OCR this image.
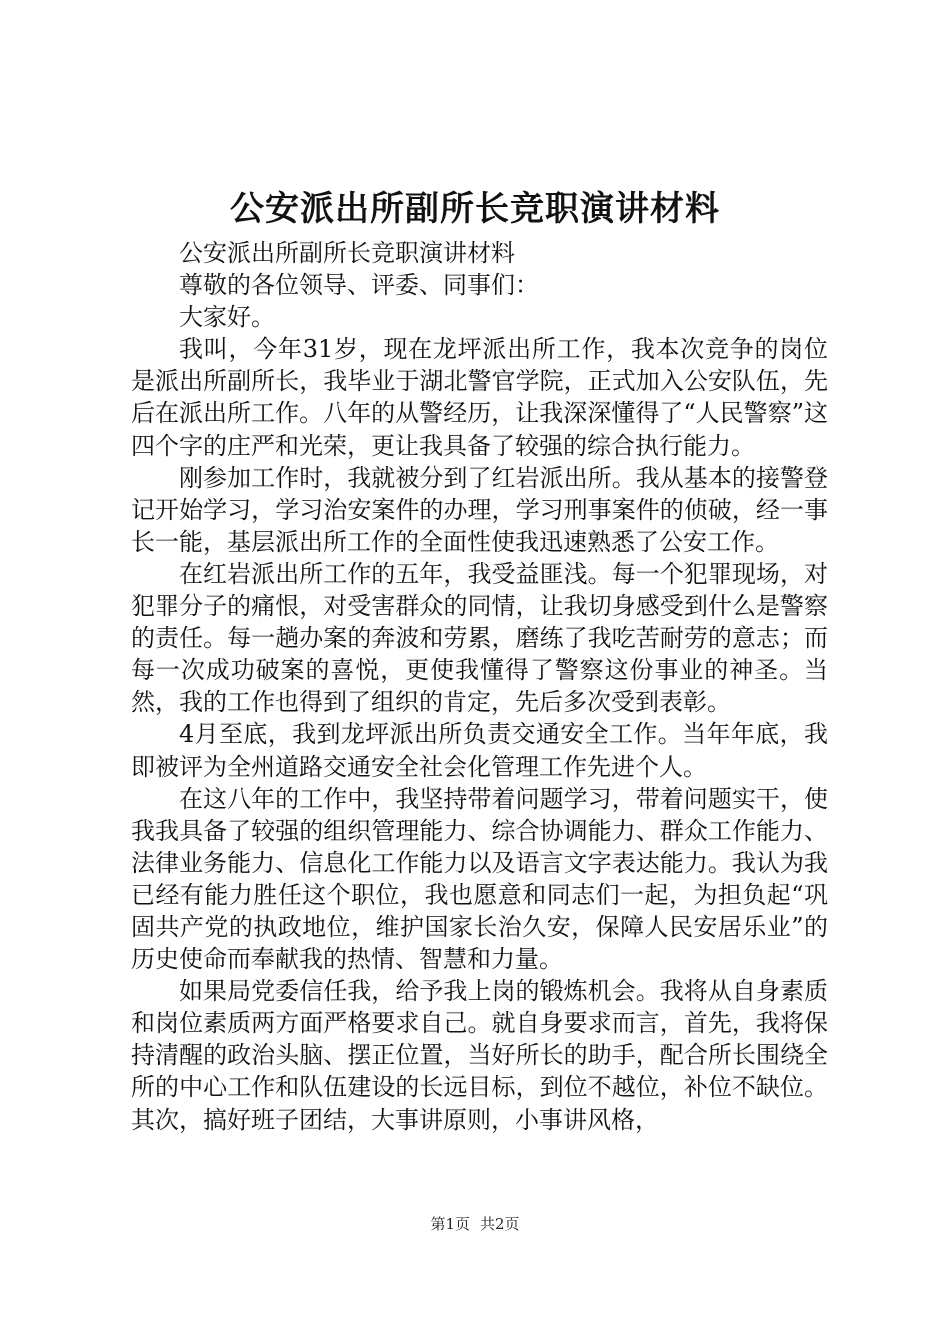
公安派出所副所长竞职演讲材料

公安派出所副所长竞职演讲材料

尊敬的各位领导、评委、同事们：

大家好。

我叫，今年31岁，现在龙坪派出所工作，我本次竞争的岗位是派出所副所长，我毕业于湖北警官学院，正式加入公安队伍，先后在派出所工作。八年的从警经历，让我深深懂得了“人民警察”这四个字的庄严和光荣，更让我具备了较强的综合执行能力。

刚参加工作时，我就被分到了红岩派出所。我从基本的接警登记开始学习，学习治安案件的办理，学习刑事案件的侦破，经一事长一能，基层派出所工作的全面性使我迅速熟悉了公安工作。

在红岩派出所工作的五年，我受益匪浅。每一个犯罪现场，对犯罪分子的痛恨，对受害群众的同情，让我切身感受到什么是警察的责任。每一趟办案的奔波和劳累，磨练了我吃苦耐劳的意志；而每一次成功破案的喜悦，更使我懂得了警察这份事业的神圣。当然，我的工作也得到了组织的肯定，先后多次受到表彰。

4月至底，我到龙坪派出所负责交通安全工作。当年年底，我即被评为全州道路交通安全社会化管理工作先进个人。

在这八年的工作中，我坚持带着问题学习，带着问题实干，使我我具备了较强的组织管理能力、综合协调能力、群众工作能力、法律业务能力、信息化工作能力以及语言文字表达能力。我认为我已经有能力胜任这个职位，我也愿意和同志们一起，为担负起“巩固共产党的执政地位，维护国家长治久安，保障人民安居乐业”的历史使命而奉献我的热情、智慧和力量。

如果局党委信任我，给予我上岗的锻炼机会。我将从自身素质和岗位素质两方面严格要求自己。就自身要求而言，首先，我将保持清醒的政治头脑、摆正位置，当好所长的助手，配合所长围绕全所的中心工作和队伍建设的长远目标，到位不越位，补位不缺位。其次，搞好班子团结，大事讲原则，小事讲风格，

第1页 共2页
